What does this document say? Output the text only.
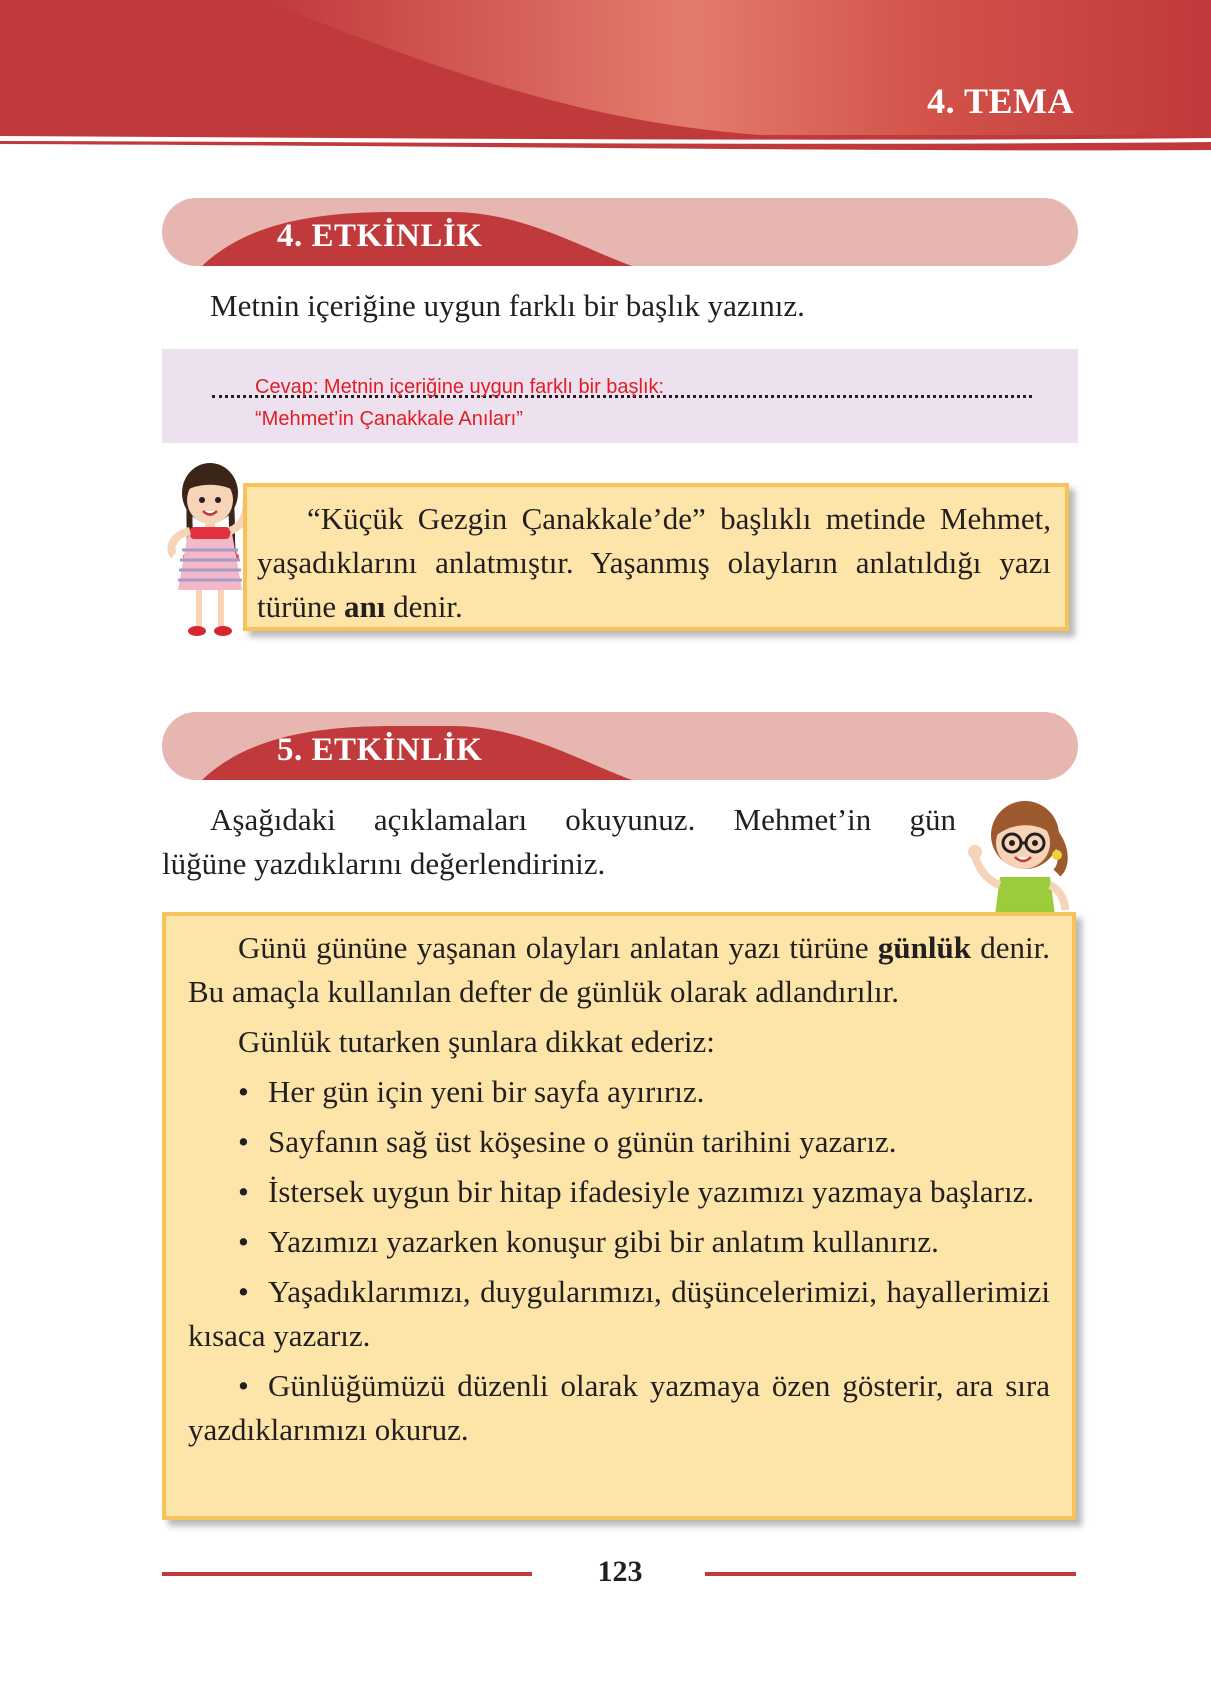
4. TEMA
4. ETKİNLİK
Metnin içeriğine uygun farklı bir başlık yazınız.
Cevap: Metnin içeriğine uygun farklı bir başlık:
“Mehmet’in Çanakkale Anıları”
“Küçük Gezgin Çanakkale’de” başlıklı metinde Mehmet, yaşadıklarını anlatmıştır. Yaşanmış olayların anlatıldığı yazı türüne anı denir.
5. ETKİNLİK
Aşağıdaki açıklamaları okuyunuz. Mehmet’in gün
lüğüne yazdıklarını değerlendiriniz.

Günü gününe yaşanan olayları anlatan yazı türüne günlük denir. Bu amaçla kullanılan defter de günlük olarak adlandırılır.

Günlük tutarken şunlara dikkat ederiz:

• Her gün için yeni bir sayfa ayırırız.
• Sayfanın sağ üst köşesine o günün tarihini yazarız.
• İstersek uygun bir hitap ifadesiyle yazımızı yazmaya başlarız.
• Yazımızı yazarken konuşur gibi bir anlatım kullanırız.
• Yaşadıklarımızı, duygularımızı, düşüncelerimizi, hayallerimizi kısaca yazarız.
• Günlüğümüzü düzenli olarak yazmaya özen gösterir, ara sıra yazdıklarımızı okuruz.
123
